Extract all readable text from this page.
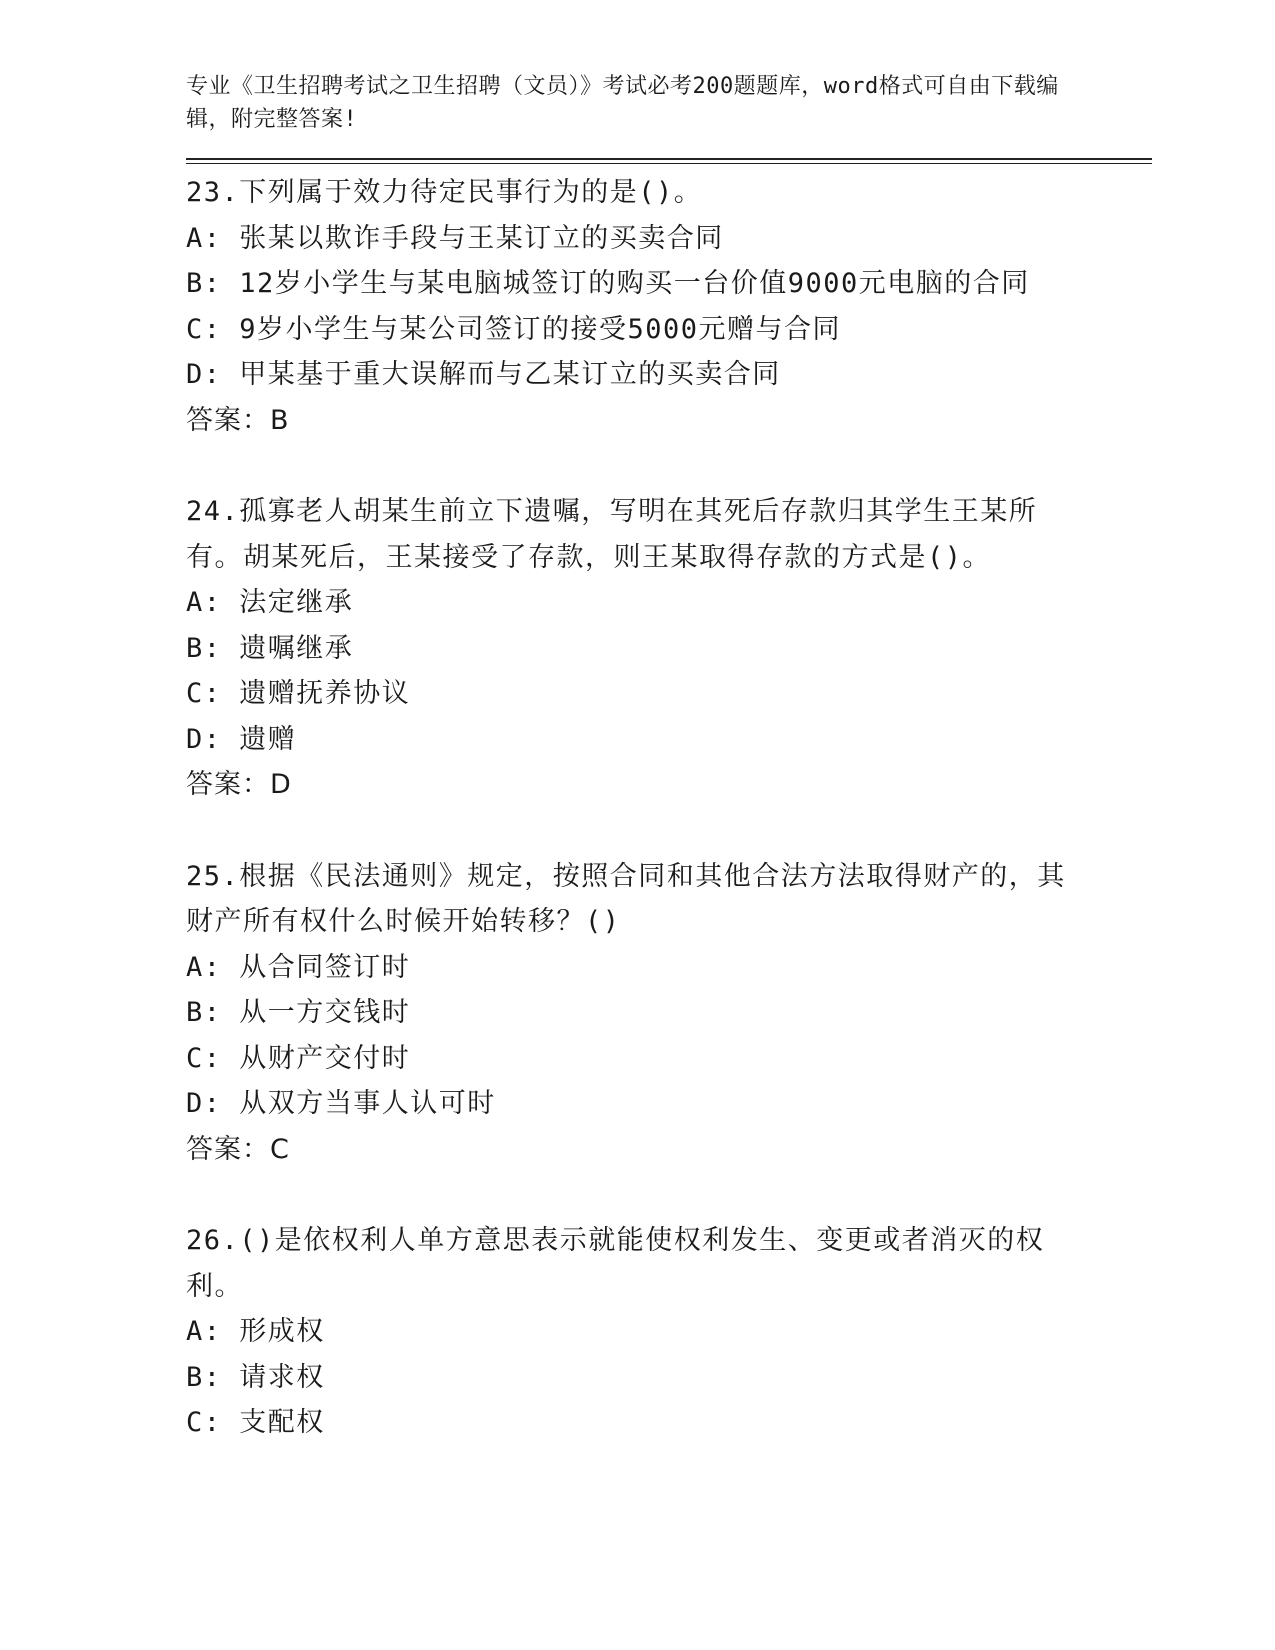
专业《卫生招聘考试之卫生招聘（文员）》考试必考200题题库，word格式可自由下载编辑，附完整答案!
23.下列属于效力待定民事行为的是()。
A: 张某以欺诈手段与王某订立的买卖合同
B: 12岁小学生与某电脑城签订的购买一台价值9000元电脑的合同
C: 9岁小学生与某公司签订的接受5000元赠与合同
D: 甲某基于重大误解而与乙某订立的买卖合同
答案：B
24.孤寡老人胡某生前立下遗嘱，写明在其死后存款归其学生王某所有。胡某死后，王某接受了存款，则王某取得存款的方式是()。
A: 法定继承
B: 遗嘱继承
C: 遗赠抚养协议
D: 遗赠
答案：D
25.根据《民法通则》规定，按照合同和其他合法方法取得财产的，其财产所有权什么时候开始转移？()
A: 从合同签订时
B: 从一方交钱时
C: 从财产交付时
D: 从双方当事人认可时
答案：C
26.()是依权利人单方意思表示就能使权利发生、变更或者消灭的权利。
A: 形成权
B: 请求权
C: 支配权
